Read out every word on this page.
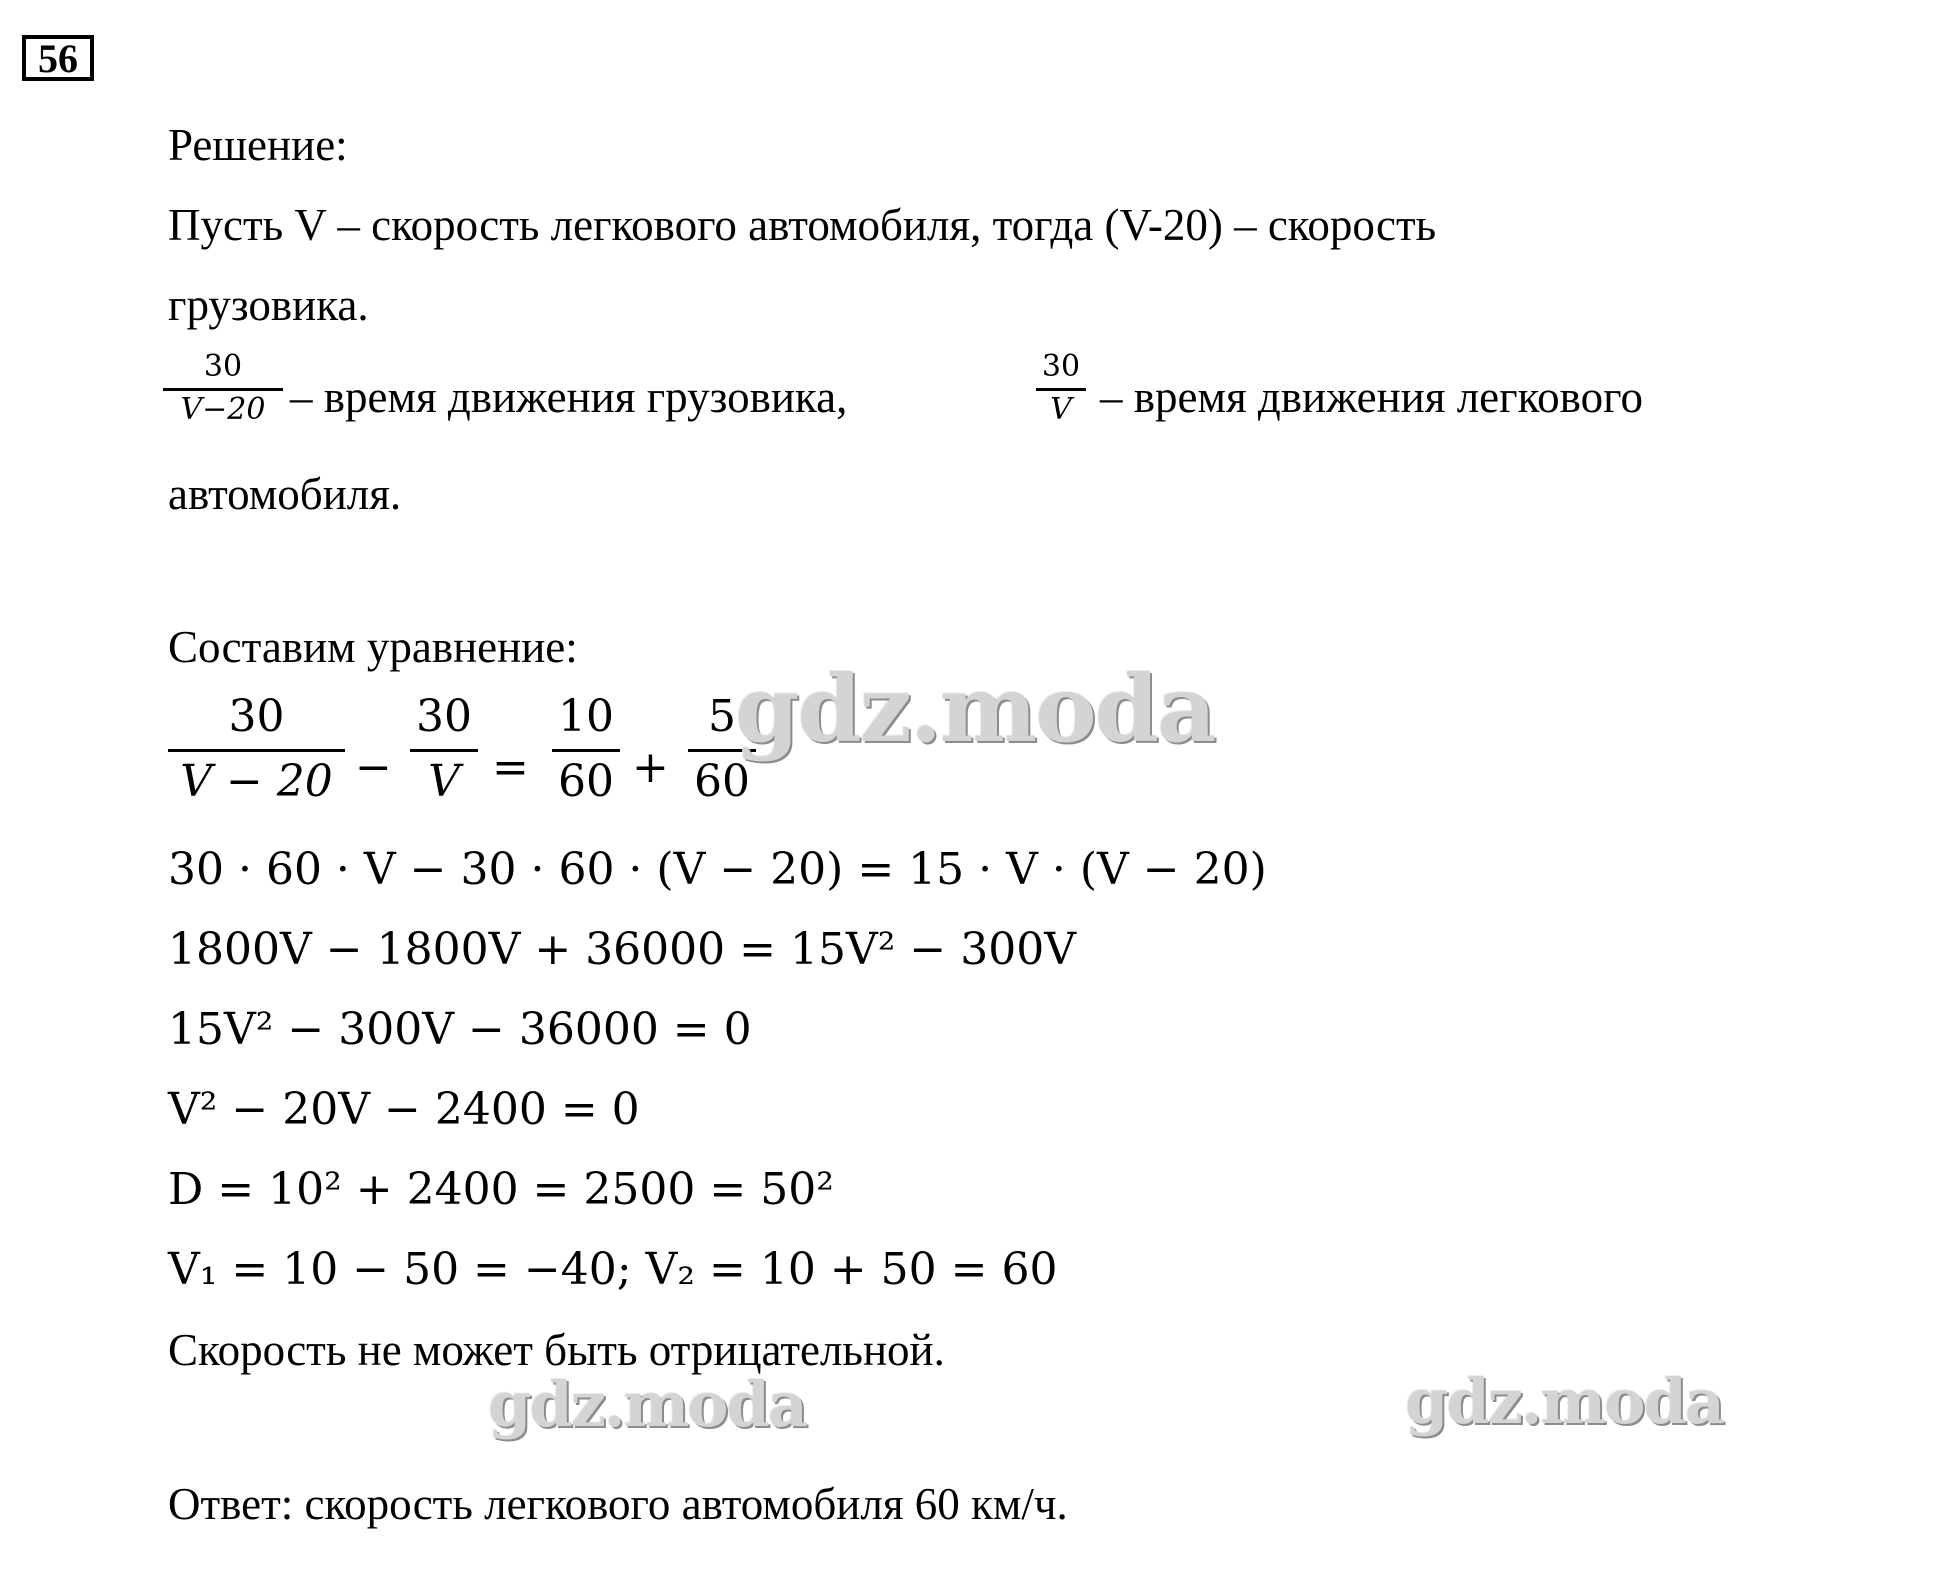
56
Решение:
Пусть V – скорость легкового автомобиля, тогда (V-20) – скорость
грузовика.
30
V−20 – время движения грузовика,
30
V – время движения легкового
автомобиля.
Составим уравнение:
30
V − 20 −
30
V =
10
60 +
5
60
30 · 60 · V − 30 · 60 · (V − 20) = 15 · V · (V − 20)
1800V − 1800V + 36000 = 15V² − 300V
15V² − 300V − 36000 = 0
V² − 20V − 2400 = 0
D = 10² + 2400 = 2500 = 50²
V₁ = 10 − 50 = −40; V₂ = 10 + 50 = 60
Скорость не может быть отрицательной.
Ответ: скорость легкового автомобиля 60 км/ч.
gdz.moda
gdz.moda	gdz.moda
